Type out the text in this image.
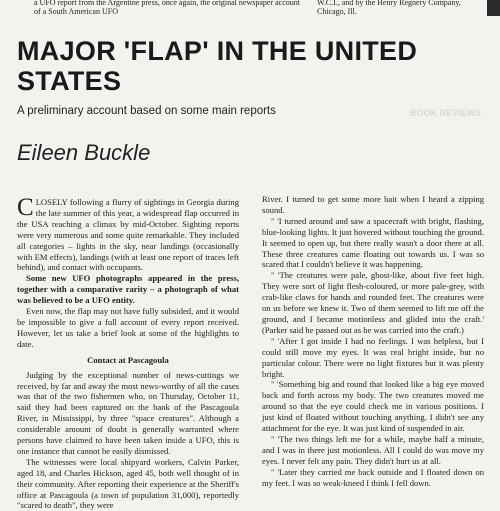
a UFO report from the Argentine press, once again, the original newspaper account of a South American UFO
W.C.I., and by the Henry Regnery Company, Chicago, Ill.
MAJOR 'FLAP' IN THE UNITED STATES
A preliminary account based on some main reports
Eileen Buckle
BOOK REVIEWS

CLOSELY following a flurry of sightings in Georgia during the late summer of this year, a widespread flap occurred in the USA reaching a climax by mid-October. Sighting reports were very numerous and some quite remarkable. They included all categories – lights in the sky, near landings (occasionally with EM effects), landings (with at least one report of traces left behind), and contact with occupants.

Some new UFO photographs appeared in the press, together with a comparative rarity – a photograph of what was believed to be a UFO entity.

Even now, the flap may not have fully subsided, and it would be impossible to give a full account of every report received. However, let us take a brief look at some of the highlights to date.

Contact at Pascagoula

Judging by the exceptional number of news-cuttings we received, by far and away the most news-worthy of all the cases was that of the two fishermen who, on Thursday, October 11, said they had been captured on the bank of the Pascagoula River, in Mississippi, by three "space creatures". Although a considerable amount of doubt is generally warranted where persons have claimed to have been taken inside a UFO, this is one instance that cannot be easily dismissed.

The witnesses were local shipyard workers, Calvin Parker, aged 18, and Charles Hickson, aged 45, both well thought of in their community. After reporting their experience at the Sheriff's office at Pascagoula (a town of population 31,000), reportedly "scared to death", they were

River. I turned to get some more bait when I heard a zipping sound.

" 'I turned around and saw a spacecraft with bright, flashing, blue-looking lights. It just hovered without touching the ground. It seemed to open up, but there really wasn't a door there at all. These three creatures came floating out towards us. I was so scared that I couldn't believe it was happening.

" 'The creatures were pale, ghost-like, about five feet high. They were sort of light flesh-coloured, or more pale-grey, with crab-like claws for hands and rounded feet. The creatures were on us before we knew it. Two of them seemed to lift me off the ground, and I became motionless and glided into the craft.' (Parker said he passed out as he was carried into the craft.)

" 'After I got inside I had no feelings. I was helpless, but I could still move my eyes. It was real bright inside, but no particular colour. There were no light fixtures but it was plenty bright.

" 'Something big and round that looked like a big eye moved back and forth across my body. The two creatures moved me around so that the eye could check me in various positions. I just kind of floated without touching anything. I didn't see any attachment for the eye. It was just kind of suspended in air.

" 'The two things left me for a while, maybe half a minute, and I was in there just motionless. All I could do was move my eyes. I never felt any pain. They didn't hurt us at all.

" 'Later they carried me back outside and I floated down on my feet. I was so weak-kneed I think I fell down.
